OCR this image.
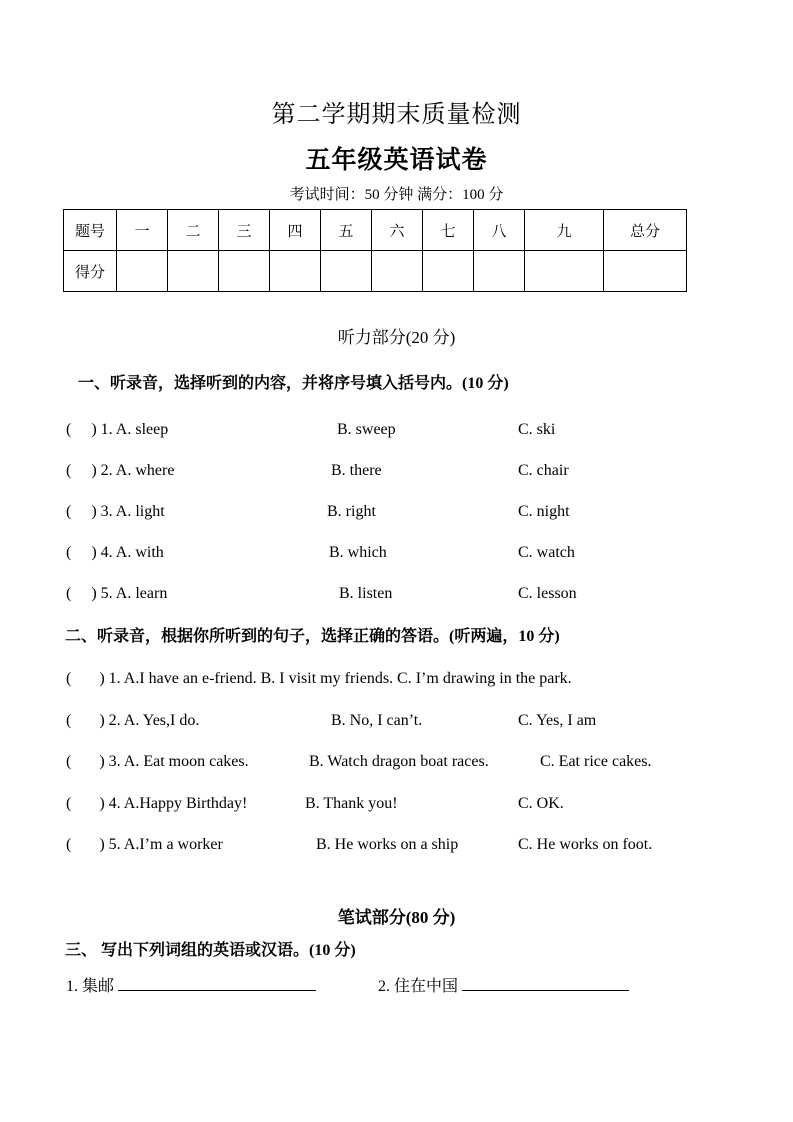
第二学期期末质量检测
五年级英语试卷
考试时间：50 分钟 满分：100 分
题号	一	二	三	四	五	六	七	八	九	总分
得分										
听力部分(20 分)
一、听录音，选择听到的内容，并将序号填入括号内。(10 分)
(     ) 1. A. sleep	B. sweep	C. ski
(     ) 2. A. where	B. there	C. chair
(     ) 3. A. light	B. right	C. night
(     ) 4. A. with	B. which	C. watch
(     ) 5. A. learn	B. listen	C. lesson
二、听录音，根据你所听到的句子，选择正确的答语。(听两遍，10 分)
(       ) 1. A.I have an e-friend. B. I visit my friends. C. I’m drawing in the park.
(       ) 2. A. Yes,I do.	B. No, I can’t.	C. Yes, I am
(       ) 3. A. Eat moon cakes.	B. Watch dragon boat races.	C. Eat rice cakes.
(       ) 4. A.Happy Birthday!	B. Thank you!	C. OK.
(       ) 5. A.I’m a worker	B. He works on a ship	C. He works on foot.
笔试部分(80 分)
三、 写出下列词组的英语或汉语。(10 分)
1. 集邮	2. 住在中国
